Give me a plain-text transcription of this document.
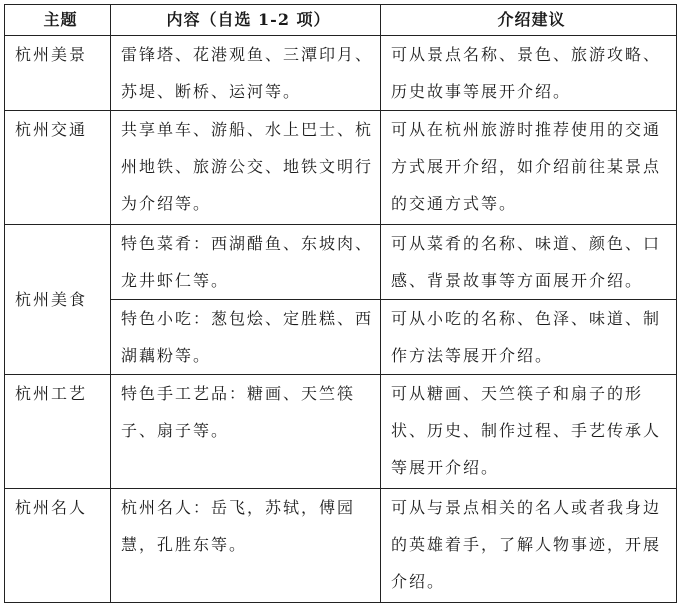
主题	内容（自选 1-2 项）	介绍建议
杭州美景	雷锋塔、花港观鱼、三潭印月、苏堤、断桥、运河等。	可从景点名称、景色、旅游攻略、历史故事等展开介绍。
杭州交通	共享单车、游船、水上巴士、杭州地铁、旅游公交、地铁文明行为介绍等。	可从在杭州旅游时推荐使用的交通方式展开介绍，如介绍前往某景点的交通方式等。
杭州美食	特色菜肴：西湖醋鱼、东坡肉、龙井虾仁等。	可从菜肴的名称、味道、颜色、口感、背景故事等方面展开介绍。
	特色小吃：葱包烩、定胜糕、西湖藕粉等。	可从小吃的名称、色泽、味道、制作方法等展开介绍。
杭州工艺	特色手工艺品：糖画、天竺筷子、扇子等。	可从糖画、天竺筷子和扇子的形状、历史、制作过程、手艺传承人等展开介绍。
杭州名人	杭州名人：岳飞，苏轼，傅园慧，孔胜东等。	可从与景点相关的名人或者我身边的英雄着手，了解人物事迹，开展介绍。
